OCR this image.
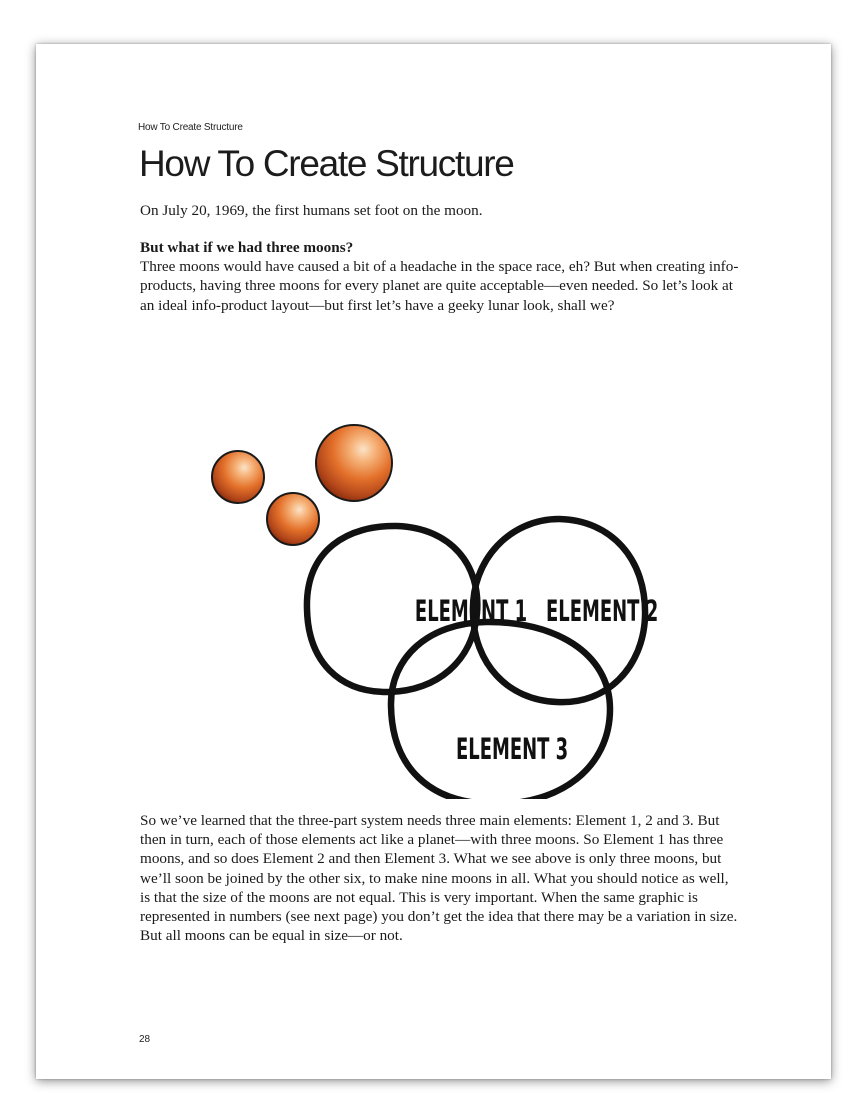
How To Create Structure
How To Create Structure

On July 20, 1969, the first humans set foot on the moon.

But what if we had three moons?
Three moons would have caused a bit of a headache in the space race, eh? But when creating info-products, having three moons for every planet are quite acceptable—even needed. So let’s look at an ideal info-product layout—but first let’s have a geeky lunar look, shall we?
ELEMENT 1 ELEMENT 2
ELEMENT 3

So we’ve learned that the three-part system needs three main elements: Element 1, 2 and 3. But then in turn, each of those elements act like a planet—with three moons. So Element 1 has three moons, and so does Element 2 and then Element 3. What we see above is only three moons, but we’ll soon be joined by the other six, to make nine moons in all. What you should notice as well, is that the size of the moons are not equal. This is very important. When the same graphic is represented in numbers (see next page) you don’t get the idea that there may be a variation in size. But all moons can be equal in size—or not.

28
